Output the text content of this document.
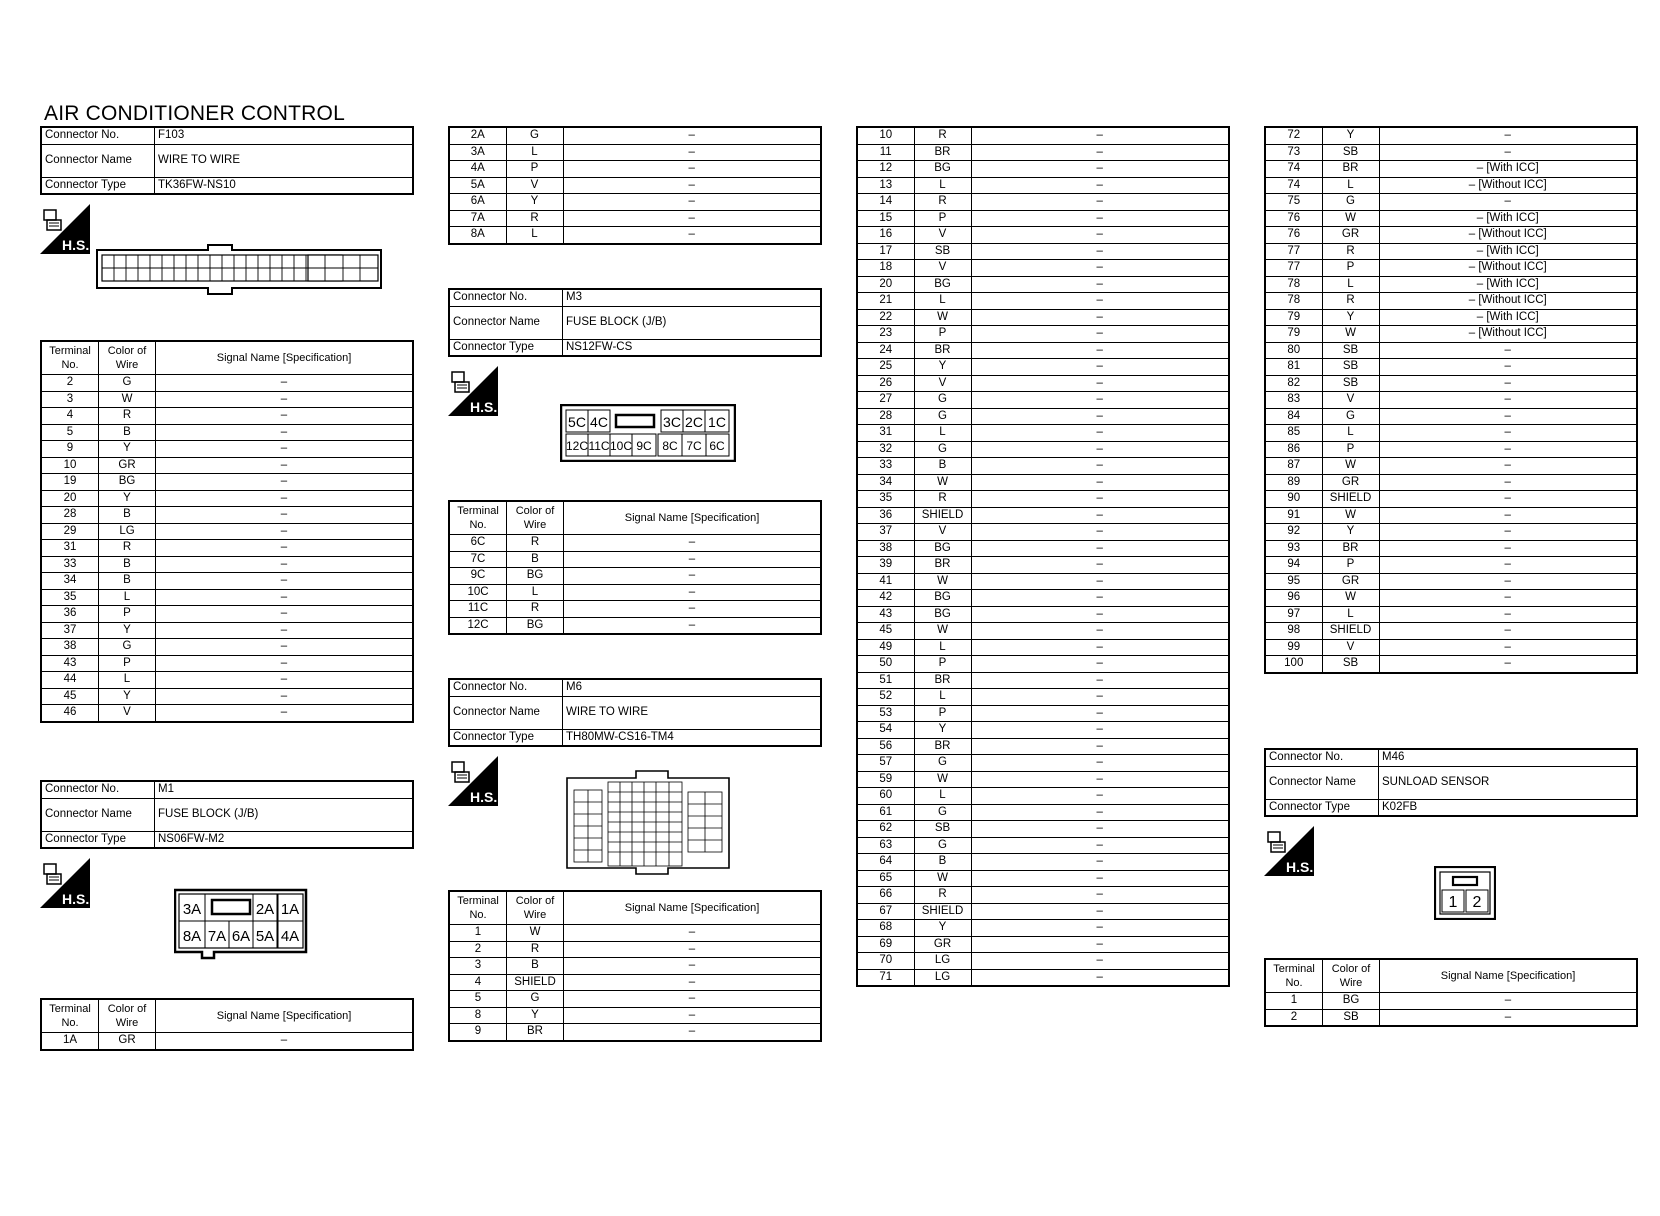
AIR CONDITIONER CONTROL
Connector No.	F103
Connector Name	WIRE TO WIRE
Connector Type	TK36FW-NS10
H.S.
Terminal No.	Color of Wire	Signal Name [Specification]
2	G	–
3	W	–
4	R	–
5	B	–
9	Y	–
10	GR	–
19	BG	–
20	Y	–
28	B	–
29	LG	–
31	R	–
33	B	–
34	B	–
35	L	–
36	P	–
37	Y	–
38	G	–
43	P	–
44	L	–
45	Y	–
46	V	–
Connector No.	M1
Connector Name	FUSE BLOCK (J/B)
Connector Type	NS06FW-M2
H.S.
3A	2A 1A
8A 7A 6A 5A 4A
Terminal No.	Color of Wire	Signal Name [Specification]
1A	GR	–
2A	G	–
3A	L	–
4A	P	–
5A	V	–
6A	Y	–
7A	R	–
8A	L	–
Connector No.	M3
Connector Name	FUSE BLOCK (J/B)
Connector Type	NS12FW-CS
H.S.
5C 4C	3C 2C 1C
12C 11C 10C 9C 8C 7C 6C
Terminal No.	Color of Wire	Signal Name [Specification]
6C	R	–
7C	B	–
9C	BG	–
10C	L	–
11C	R	–
12C	BG	–
Connector No.	M6
Connector Name	WIRE TO WIRE
Connector Type	TH80MW-CS16-TM4
H.S.
Terminal No.	Color of Wire	Signal Name [Specification]
1	W	–
2	R	–
3	B	–
4	SHIELD	–
5	G	–
8	Y	–
9	BR	–
10	R	–
11	BR	–
12	BG	–
13	L	–
14	R	–
15	P	–
16	V	–
17	SB	–
18	V	–
20	BG	–
21	L	–
22	W	–
23	P	–
24	BR	–
25	Y	–
26	V	–
27	G	–
28	G	–
31	L	–
32	G	–
33	B	–
34	W	–
35	R	–
36	SHIELD	–
37	V	–
38	BG	–
39	BR	–
41	W	–
42	BG	–
43	BG	–
45	W	–
49	L	–
50	P	–
51	BR	–
52	L	–
53	P	–
54	Y	–
56	BR	–
57	G	–
59	W	–
60	L	–
61	G	–
62	SB	–
63	G	–
64	B	–
65	W	–
66	R	–
67	SHIELD	–
68	Y	–
69	GR	–
70	LG	–
71	LG	–
72	Y	–
73	SB	–
74	BR	– [With ICC]
74	L	– [Without ICC]
75	G	–
76	W	– [With ICC]
76	GR	– [Without ICC]
77	R	– [With ICC]
77	P	– [Without ICC]
78	L	– [With ICC]
78	R	– [Without ICC]
79	Y	– [With ICC]
79	W	– [Without ICC]
80	SB	–
81	SB	–
82	SB	–
83	V	–
84	G	–
85	L	–
86	P	–
87	W	–
89	GR	–
90	SHIELD	–
91	W	–
92	Y	–
93	BR	–
94	P	–
95	GR	–
96	W	–
97	L	–
98	SHIELD	–
99	V	–
100	SB	–
Connector No.	M46
Connector Name	SUNLOAD SENSOR
Connector Type	K02FB
H.S.
1 2
Terminal No.	Color of Wire	Signal Name [Specification]
1	BG	–
2	SB	–
